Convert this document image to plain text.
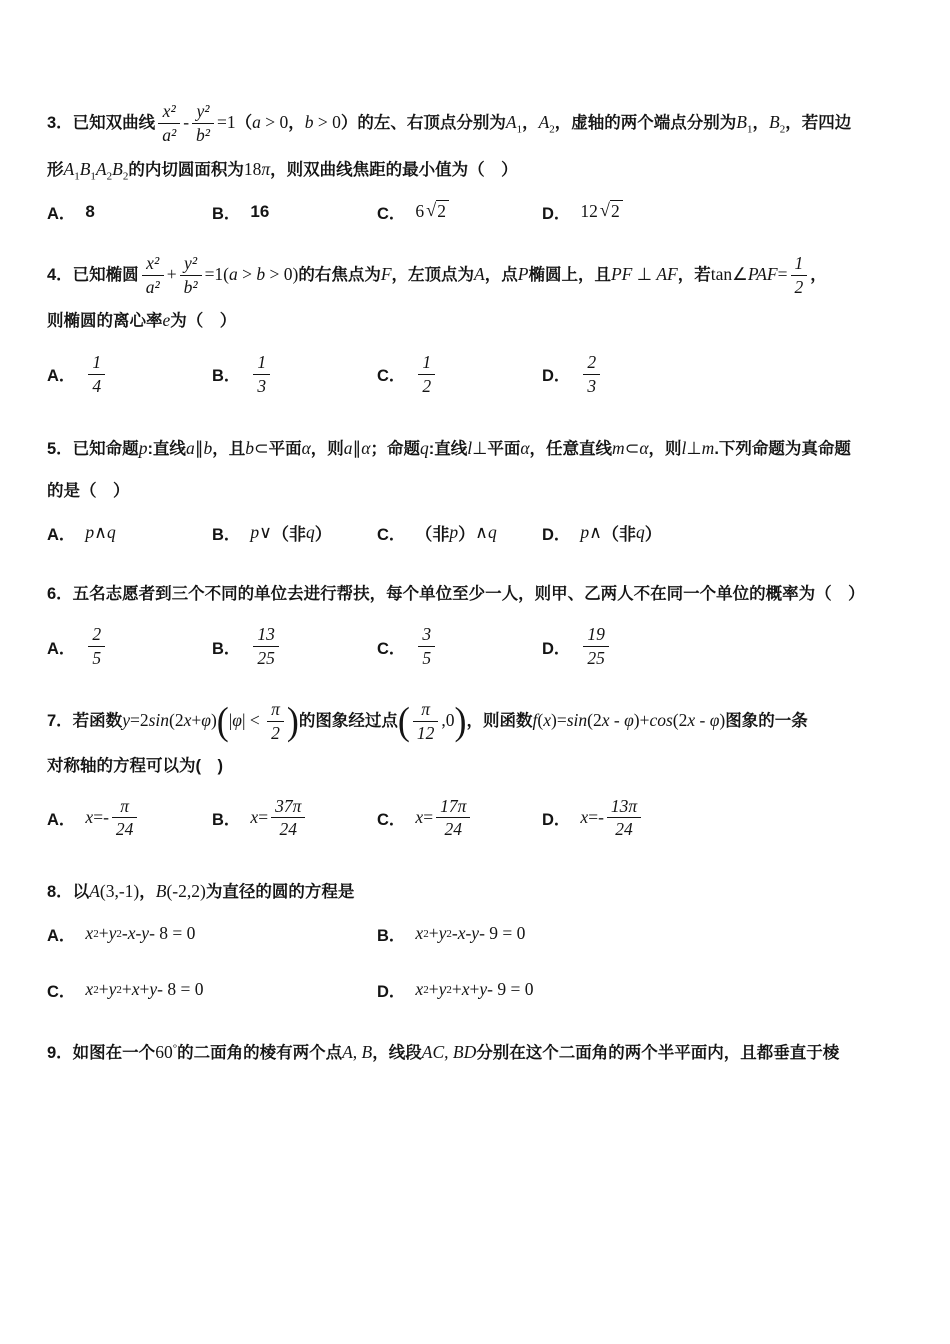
3．已知双曲线 $\frac{\text{x²}}{\text{a²}} - \frac{\text{y²}}{\text{b²}} =1(a > 0$，b > 0）的左、右顶点分别为$A_1$，$A_2$，虚轴的两个端点分别为$B_1$，$B_2$，若四边
形$A_1B_1A_2B_2$的内切圆面积为18π，则双曲线焦距的最小值为（　）
A． 8	B． 16	C． 6 √ 2	D． 12 √ 2
4．已知椭圆 $\frac{\text{x²}}{\text{a²}} + \frac{\text{y²}}{\text{b²}} =1(a > b > 0)$的右焦点为F，左顶点为A，点P椭圆上，且PF ⊥ AF，若tan∠PAF= $\frac{1}{2}$ ，
则椭圆的离心率e为（　）
A． $\frac{1}{4}$	B． $\frac{1}{3}$	C． $\frac{1}{2}$	D． $\frac{2}{3}$
5．已知命题p:直线a∥b，且b⊂平面α，则a∥α；命题q:直线l⊥平面α，任意直线m⊂α，则l⊥m.下列命题为真命题
的是（　）
A． p ∧ q	B． p ∨ （非 q ）	C． （非 p ） ∧ q	D． p ∧ （非 q ）
6．五名志愿者到三个不同的单位去进行帮扶，每个单位至少一人，则甲、乙两人不在同一个单位的概率为（　）
A． $\frac{2}{5}$	B． $\frac{13}{25}$	C． $\frac{3}{5}$	D． $\frac{19}{25}$
7．若函数$y=2\sin(2x+\varphi)(|\varphi| < \frac{\pi}{2}$ )的图象经过点( $\frac{\pi}{12} ,0$)，则函数f(x)=sin(2x - φ)+cos(2x - φ)图象的一条
对称轴的方程可以为(　)
A． $x =- \frac{\pi}{24}$	B． $x = \frac{37\pi}{24}$	C． $x = \frac{17\pi}{24}$	D． $x =- \frac{13\pi}{24}$
8．以A(3,-1)，B(-2,2)为直径的圆的方程是
A． x 2 + y 2 - x - y - 8 = 0	B． x 2 + y 2 - x - y - 9 = 0
C． x 2 + y 2 + x + y - 8 = 0	D． x 2 + y 2 + x + y - 9 = 0
9．如图在一个60°的二面角的棱有两个点A, B，线段AC, BD分别在这个二面角的两个半平面内，且都垂直于棱
